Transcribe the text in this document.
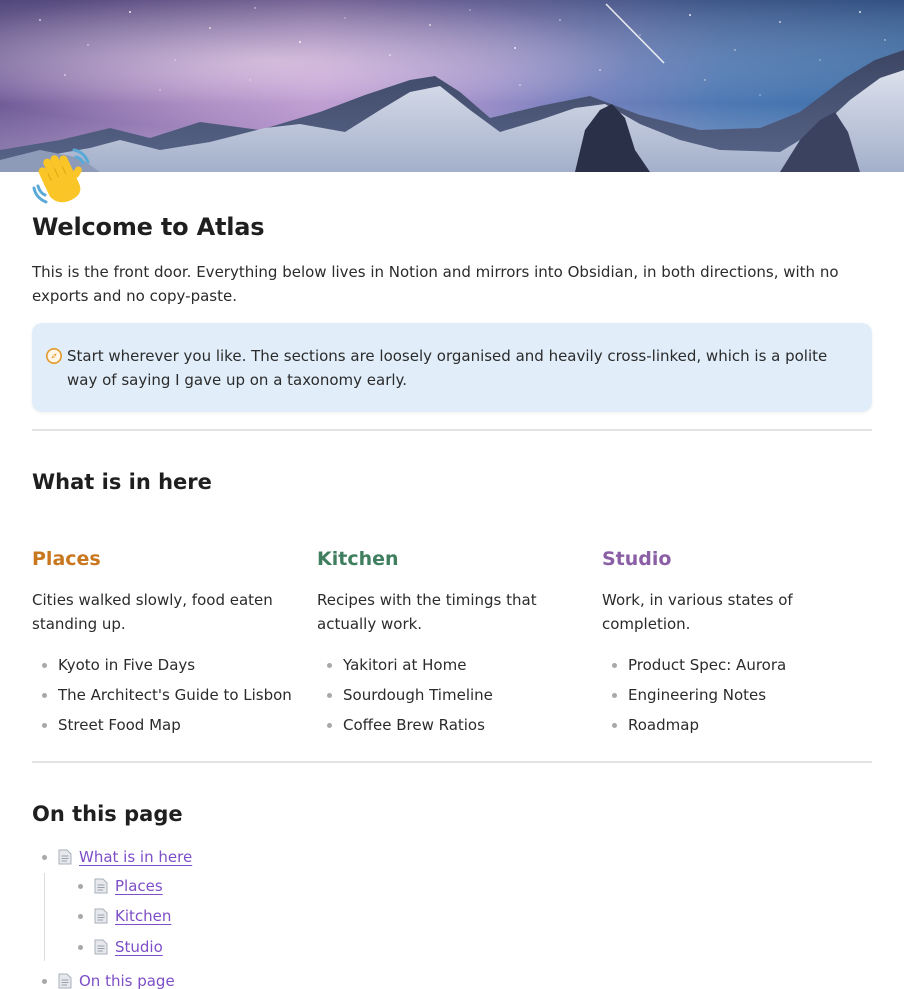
Welcome to Atlas

This is the front door. Everything below lives in Notion and mirrors into Obsidian, in both directions, with no exports and no copy-paste.

Start wherever you like. The sections are loosely organised and heavily cross-linked, which is a polite way of saying I gave up on a taxonomy early.

What is in here
Places

Cities walked slowly, food eaten standing up.

Kyoto in Five Days
The Architect's Guide to Lisbon
Street Food Map
Kitchen

Recipes with the timings that actually work.

Yakitori at Home
Sourdough Timeline
Coffee Brew Ratios
Studio

Work, in various states of completion.

Product Spec: Aurora
Engineering Notes
Roadmap
On this page
What is in here
Places
Kitchen
Studio
On this page
